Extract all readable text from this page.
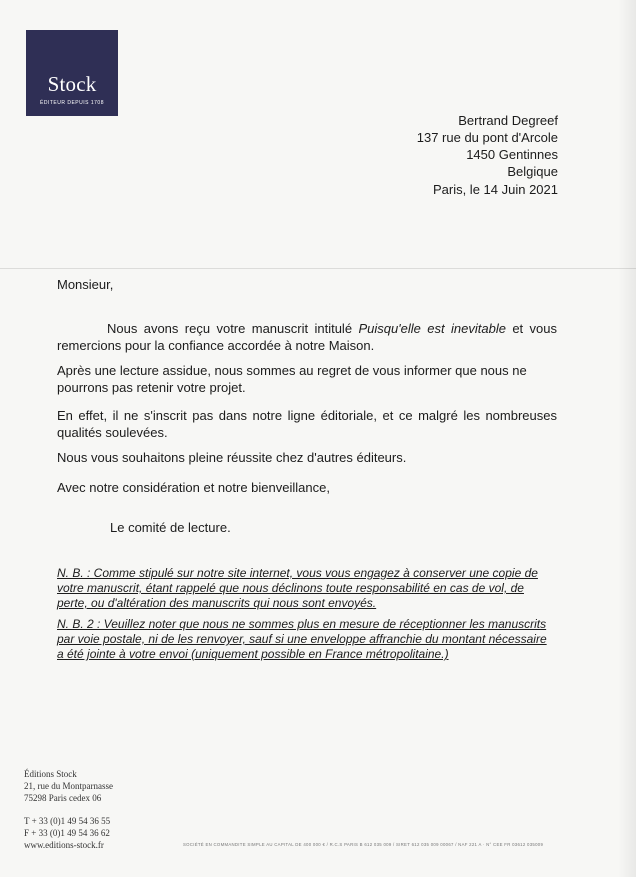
Stock
ÉDITEUR DEPUIS 1708
Bertrand Degreef
137 rue du pont d'Arcole
1450 Gentinnes
Belgique
Paris, le 14 Juin 2021
Monsieur,
Nous avons reçu votre manuscrit intitulé Puisqu'elle est inevitable et vous remercions pour la confiance accordée à notre Maison.
Après une lecture assidue, nous sommes au regret de vous informer que nous ne pourrons pas retenir votre projet.
En effet, il ne s'inscrit pas dans notre ligne éditoriale, et ce malgré les nombreuses qualités soulevées.
Nous vous souhaitons pleine réussite chez d'autres éditeurs.
Avec notre considération et notre bienveillance,
Le comité de lecture.
N. B. : Comme stipulé sur notre site internet, vous vous engagez à conserver une copie de votre manuscrit, étant rappelé que nous déclinons toute responsabilité en cas de vol, de perte, ou d'altération des manuscrits qui nous sont envoyés.
N. B. 2 : Veuillez noter que nous ne sommes plus en mesure de réceptionner les manuscrits par voie postale, ni de les renvoyer, sauf si une enveloppe affranchie du montant nécessaire a été jointe à votre envoi (uniquement possible en France métropolitaine.)
Éditions Stock
21, rue du Montparnasse
75298 Paris cedex 06
T + 33 (0)1 49 54 36 55
F + 33 (0)1 49 54 36 62
www.editions-stock.fr	SOCIÉTÉ EN COMMANDITE SIMPLE AU CAPITAL DE 400 000 € / R.C.S PARIS B 612 035 009 / SIRET 612 035 009 00067 / NAF 221 A · N° CEE FR 03612 035009
